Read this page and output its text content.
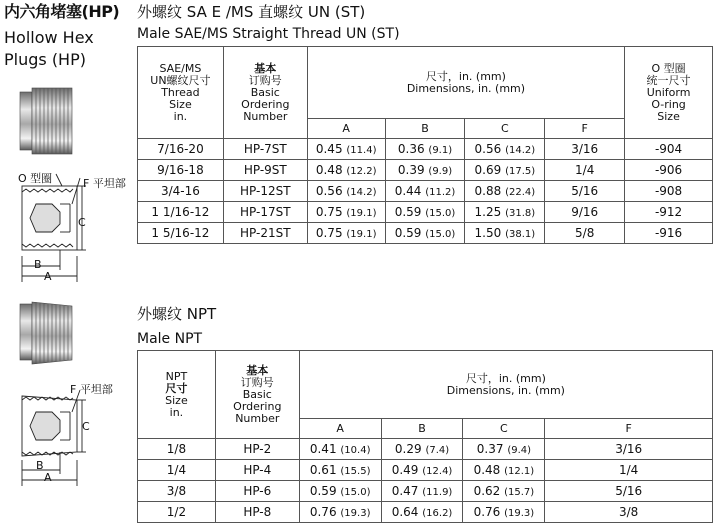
内六角堵塞(HP)
Hollow Hex
Plugs (HP)
外螺纹 SA E /MS 直螺纹 UN (ST)
Male SAE/MS Straight Thread UN (ST)
O 型圈	F 平坦部
C
B
A
SAE/MS
UN螺纹尺寸
Thread
Size
in.	基本
订购号
Basic
Ordering
Number	尺寸，in. (mm)
Dimensions, in. (mm)				O 型圈
统一尺寸
Uniform
O-ring
Size
		A	B	C	F	
7/16-20	HP-7ST	0.45 (11.4)	0.36 (9.1)	0.56 (14.2)	3/16	-904
9/16-18	HP-9ST	0.48 (12.2)	0.39 (9.9)	0.69 (17.5)	1/4	-906
3/4-16	HP-12ST	0.56 (14.2)	0.44 (11.2)	0.88 (22.4)	5/16	-908
1 1/16-12	HP-17ST	0.75 (19.1)	0.59 (15.0)	1.25 (31.8)	9/16	-912
1 5/16-12	HP-21ST	0.75 (19.1)	0.59 (15.0)	1.50 (38.1)	5/8	-916
外螺纹 NPT
Male NPT
F 平坦部
C
B
A
NPT
尺寸
Size
in.	基本
订购号
Basic
Ordering
Number	尺寸，in. (mm)
Dimensions, in. (mm)			
		A	B	C	F
1/8	HP-2	0.41 (10.4)	0.29 (7.4)	0.37 (9.4)	3/16
1/4	HP-4	0.61 (15.5)	0.49 (12.4)	0.48 (12.1)	1/4
3/8	HP-6	0.59 (15.0)	0.47 (11.9)	0.62 (15.7)	5/16
1/2	HP-8	0.76 (19.3)	0.64 (16.2)	0.76 (19.3)	3/8
